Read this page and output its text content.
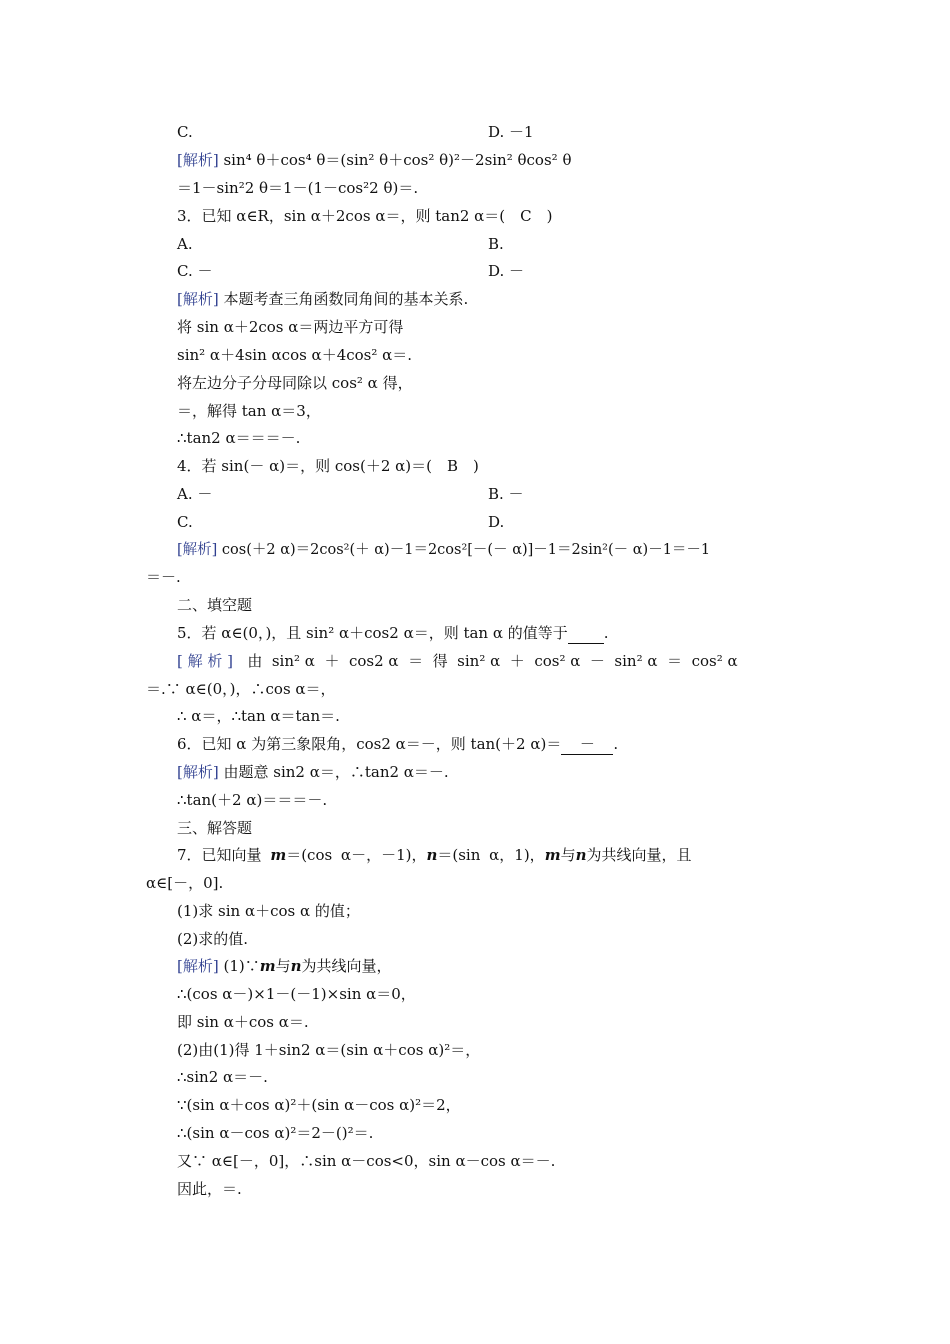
C.	D. －1
[解析] sin⁴ θ＋cos⁴ θ＝(sin² θ＋cos² θ)²－2sin² θcos² θ
＝1－sin²2 θ＝1－(1－cos²2 θ)＝.
3．已知 α∈R，sin α＋2cos α＝，则 tan2 α＝(　C　)
A.	B.
C. －	D. －
[解析] 本题考查三角函数同角间的基本关系.
将 sin α＋2cos α＝两边平方可得
sin² α＋4sin αcos α＋4cos² α＝.
将左边分子分母同除以 cos² α 得，
＝，解得 tan α＝3，
∴tan2 α＝＝＝－.
4．若 sin(－ α)＝，则 cos(＋2 α)＝(　B　)
A. －	B. －
C.	D.
[解析] cos(＋2 α)＝2cos²(＋ α)－1＝2cos²[－(－ α)]－1＝2sin²(－ α)－1＝－1
＝－.
二、填空题
5．若 α∈(0，)，且 sin² α＋cos2 α＝，则 tan α 的值等于 .
[ 解 析 ]   由  sin² α  ＋  cos2 α  ＝  得  sin² α  ＋  cos² α  －  sin² α  ＝  cos² α
＝.∵ α∈(0，)，∴cos α＝，
∴ α＝，∴tan α＝tan＝.
6．已知 α 为第三象限角，cos2 α＝－，则 tan(＋2 α)＝ － .
[解析] 由题意 sin2 α＝，∴tan2 α＝－.
∴tan(＋2 α)＝＝＝－.
三、解答题
7．已知向量 m＝(cos α－，－1)，n＝(sin α，1)，m与n为共线向量，且
α∈[－，0].
(1)求 sin α＋cos α 的值；
(2)求的值.
[解析] (1)∵m与n为共线向量，
∴(cos α－)×1－(－1)×sin α＝0，
即 sin α＋cos α＝.
(2)由(1)得 1＋sin2 α＝(sin α＋cos α)²＝，
∴sin2 α＝－.
∵(sin α＋cos α)²＋(sin α－cos α)²＝2，
∴(sin α－cos α)²＝2－()²＝.
又∵ α∈[－，0]，∴sin α－cos<0，sin α－cos α＝－.
因此，＝.
